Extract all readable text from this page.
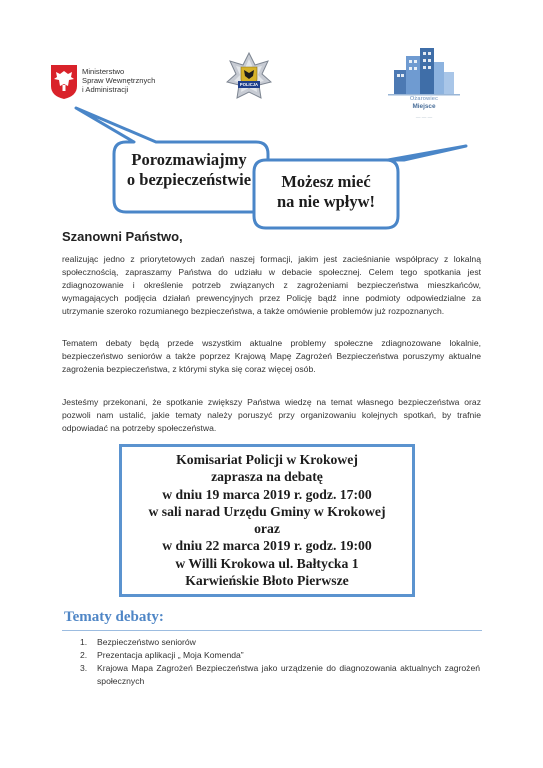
Ministerstwo
Spraw Wewnętrznych
i Administracji
POLICJA
Ożarowiec
Miejsce
— — —
Porozmawiajmy
o bezpieczeństwie	Możesz mieć
na nie wpływ!
Szanowni Państwo,
realizując jedno z priorytetowych zadań naszej formacji, jakim jest zacieśnianie współpracy z lokalną społecznością, zapraszamy Państwa do udziału w debacie społecznej. Celem tego spotkania jest zdiagnozowanie i określenie potrzeb związanych z zagrożeniami bezpieczeństwa mieszkańców, wymagających podjęcia działań prewencyjnych przez Policję bądź inne podmioty odpowiedzialne za utrzymanie szeroko rozumianego bezpieczeństwa, a także omówienie problemów już rozpoznanych.
Tematem debaty będą przede wszystkim aktualne problemy społeczne zdiagnozowane lokalnie, bezpieczeństwo seniorów a także poprzez Krajową Mapę Zagrożeń Bezpieczeństwa poruszymy aktualne zagrożenia bezpieczeństwa, z którymi styka się coraz więcej osób.
Jesteśmy przekonani, że spotkanie zwiększy Państwa wiedzę na temat własnego bezpieczeństwa oraz pozwoli nam ustalić, jakie tematy należy poruszyć przy organizowaniu kolejnych spotkań, by trafnie odpowiadać na potrzeby społeczeństwa.
Komisariat Policji w Krokowej
zaprasza na debatę
w dniu 19 marca 2019 r. godz. 17:00
w sali narad Urzędu Gminy w Krokowej
oraz
w dniu 22 marca 2019 r. godz. 19:00
w Willi Krokowa ul. Bałtycka 1
Karwieńskie Błoto Pierwsze
Tematy debaty:
1. Bezpieczeństwo seniorów
2. Prezentacja aplikacji „ Moja Komenda”
3. Krajowa Mapa Zagrożeń Bezpieczeństwa jako urządzenie do diagnozowania aktualnych zagrożeń społecznych
